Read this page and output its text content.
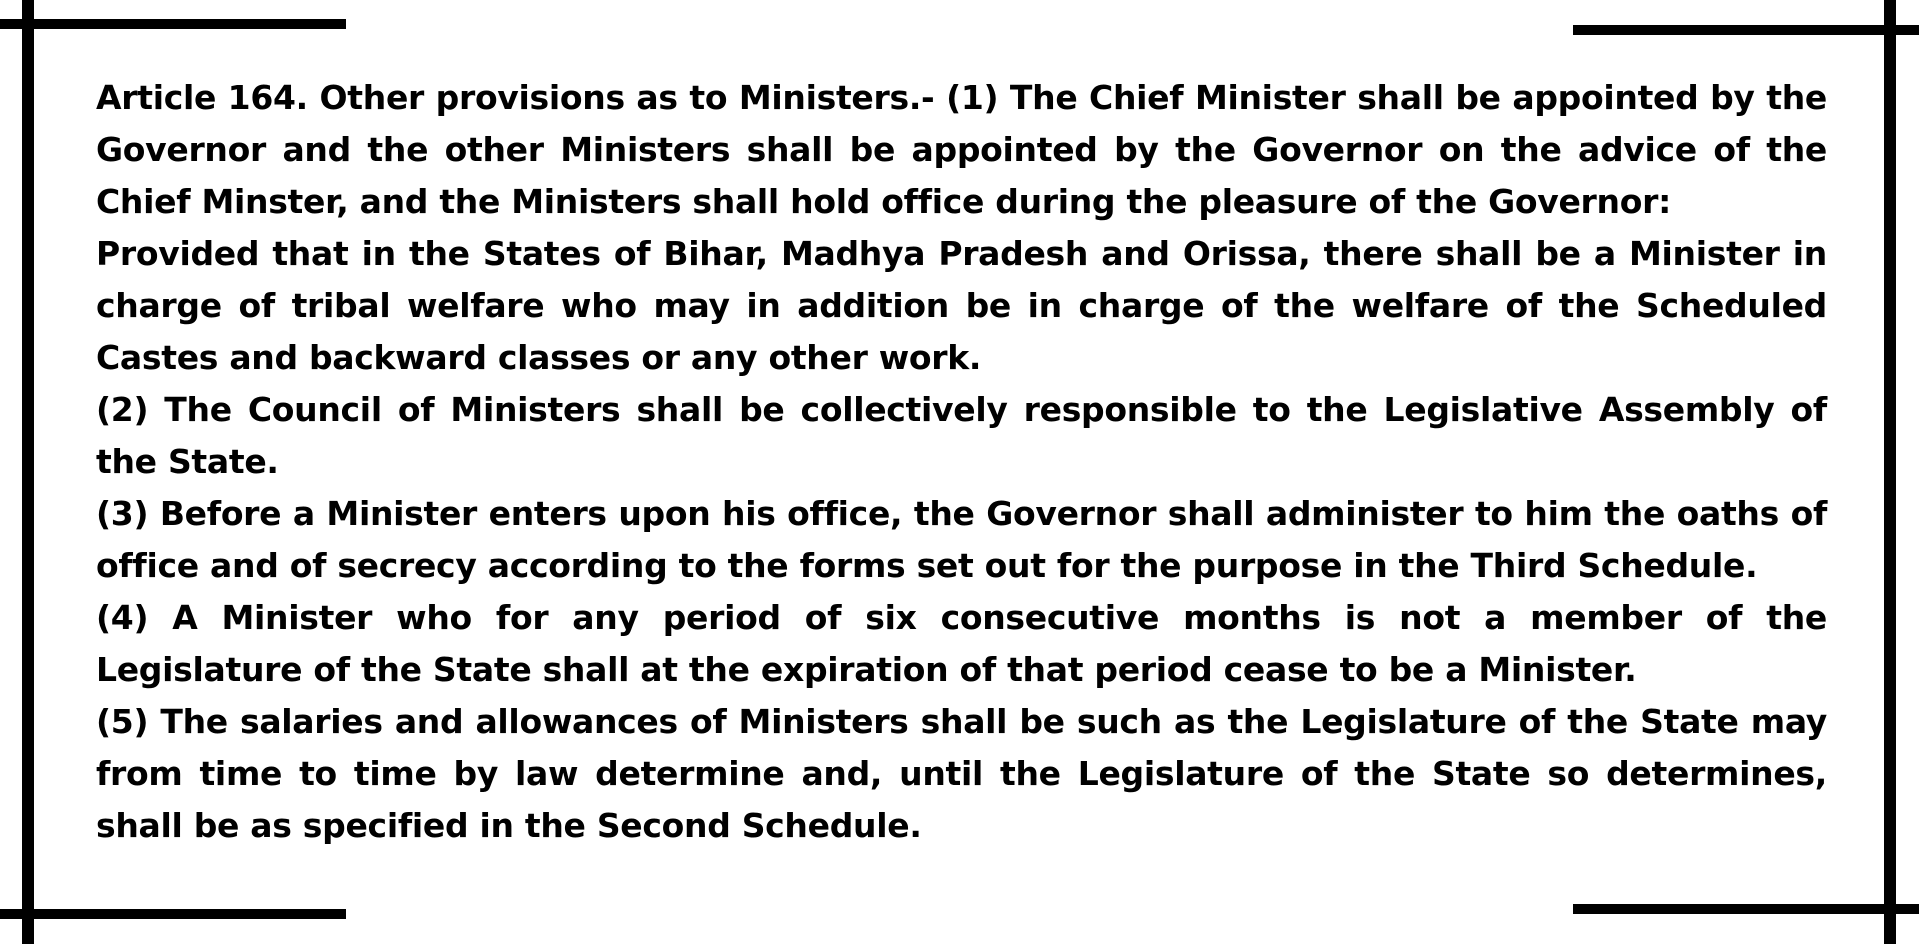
Article 164. Other provisions as to Ministers.- (1) The Chief Minister shall be appointed by the Governor and the other Ministers shall be appointed by the Governor on the advice of the Chief Minster, and the Ministers shall hold office during the pleasure of the Governor:

Provided that in the States of Bihar, Madhya Pradesh and Orissa, there shall be a Minister in charge of tribal welfare who may in addition be in charge of the welfare of the Scheduled Castes and backward classes or any other work.

(2) The Council of Ministers shall be collectively responsible to the Legislative Assembly of the State.

(3) Before a Minister enters upon his office, the Governor shall administer to him the oaths of office and of secrecy according to the forms set out for the purpose in the Third Schedule.

(4) A Minister who for any period of six consecutive months is not a member of the Legislature of the State shall at the expiration of that period cease to be a Minister.

(5) The salaries and allowances of Ministers shall be such as the Legislature of the State may from time to time by law determine and, until the Legislature of the State so determines, shall be as specified in the Second Schedule.
